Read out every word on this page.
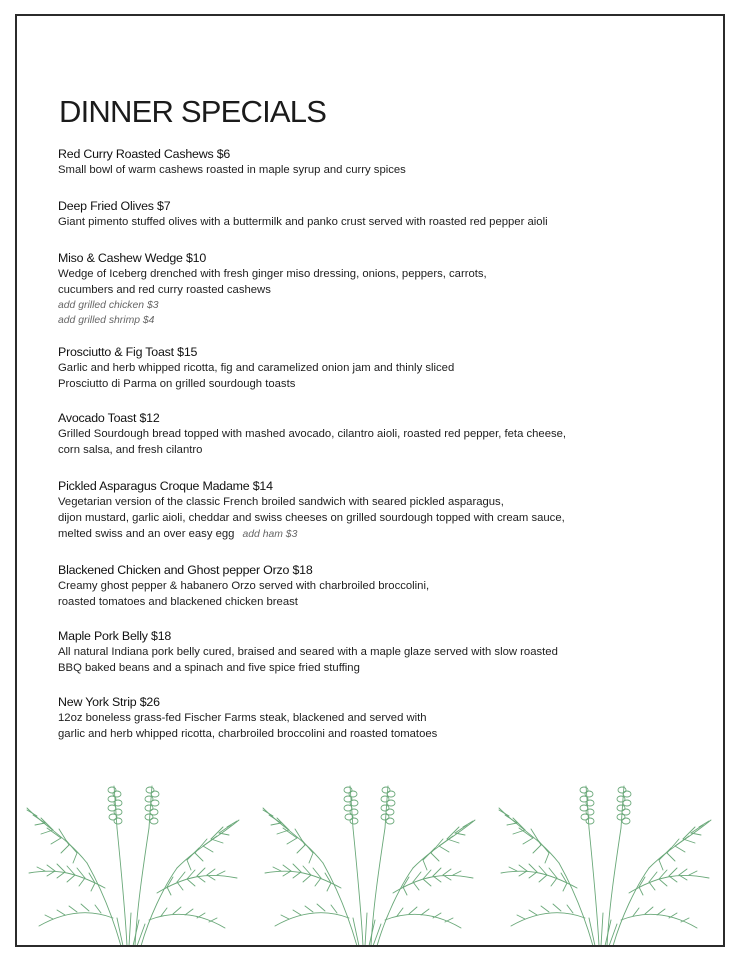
DINNER SPECIALS
Red Curry Roasted Cashews $6
Small bowl of warm cashews roasted in maple syrup and curry spices
Deep Fried Olives $7
Giant pimento stuffed olives with a buttermilk and panko crust served with roasted red pepper aioli
Miso & Cashew Wedge $10
Wedge of Iceberg drenched with fresh ginger miso dressing, onions, peppers, carrots,
cucumbers and red curry roasted cashews
add grilled chicken $3
add grilled shrimp $4
Prosciutto & Fig Toast $15
Garlic and herb whipped ricotta, fig and caramelized onion jam and thinly sliced
Prosciutto di Parma on grilled sourdough toasts
Avocado Toast $12
Grilled Sourdough bread topped with mashed avocado, cilantro aioli, roasted red pepper, feta cheese,
corn salsa, and fresh cilantro
Pickled Asparagus Croque Madame $14
Vegetarian version of the classic French broiled sandwich with seared pickled asparagus,
dijon mustard, garlic aioli, cheddar and swiss cheeses on grilled sourdough topped with cream sauce,
melted swiss and an over easy egg add ham $3
Blackened Chicken and Ghost pepper Orzo $18
Creamy ghost pepper & habanero Orzo served with charbroiled broccolini,
roasted tomatoes and blackened chicken breast
Maple Pork Belly $18
All natural Indiana pork belly cured, braised and seared with a maple glaze served with slow roasted
BBQ baked beans and a spinach and five spice fried stuffing
New York Strip $26
12oz boneless grass-fed Fischer Farms steak, blackened and served with
garlic and herb whipped ricotta, charbroiled broccolini and roasted tomatoes
